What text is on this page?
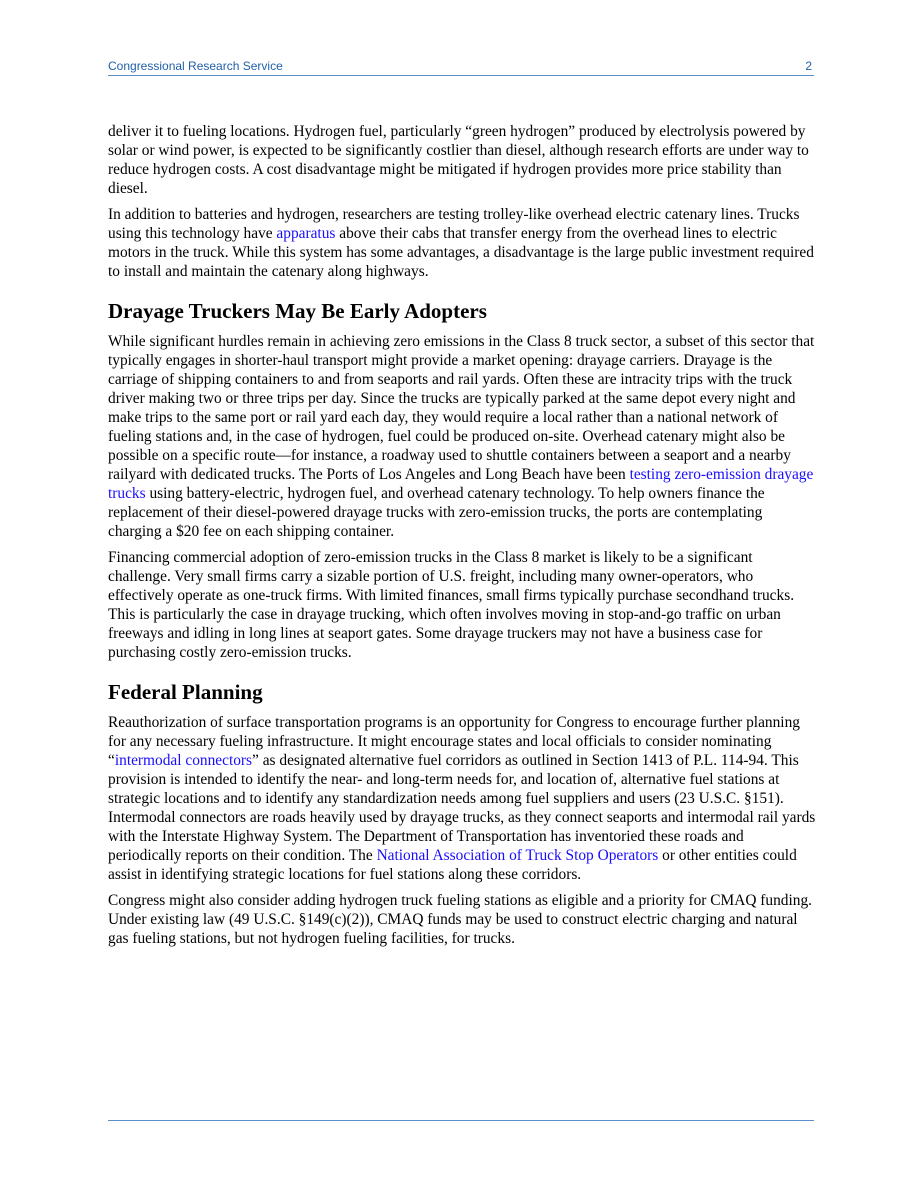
Congressional Research Service	2

deliver it to fueling locations. Hydrogen fuel, particularly “green hydrogen” produced by electrolysis powered by solar or wind power, is expected to be significantly costlier than diesel, although research efforts are under way to reduce hydrogen costs. A cost disadvantage might be mitigated if hydrogen provides more price stability than diesel.

In addition to batteries and hydrogen, researchers are testing trolley-like overhead electric catenary lines. Trucks using this technology have apparatus above their cabs that transfer energy from the overhead lines to electric motors in the truck. While this system has some advantages, a disadvantage is the large public investment required to install and maintain the catenary along highways.

Drayage Truckers May Be Early Adopters

While significant hurdles remain in achieving zero emissions in the Class 8 truck sector, a subset of this sector that typically engages in shorter-haul transport might provide a market opening: drayage carriers. Drayage is the carriage of shipping containers to and from seaports and rail yards. Often these are intracity trips with the truck driver making two or three trips per day. Since the trucks are typically parked at the same depot every night and make trips to the same port or rail yard each day, they would require a local rather than a national network of fueling stations and, in the case of hydrogen, fuel could be produced on-site. Overhead catenary might also be possible on a specific route—for instance, a roadway used to shuttle containers between a seaport and a nearby railyard with dedicated trucks. The Ports of Los Angeles and Long Beach have been testing zero-emission drayage trucks using battery-electric, hydrogen fuel, and overhead catenary technology. To help owners finance the replacement of their diesel-powered drayage trucks with zero-emission trucks, the ports are contemplating charging a $20 fee on each shipping container.

Financing commercial adoption of zero-emission trucks in the Class 8 market is likely to be a significant challenge. Very small firms carry a sizable portion of U.S. freight, including many owner-operators, who effectively operate as one-truck firms. With limited finances, small firms typically purchase secondhand trucks. This is particularly the case in drayage trucking, which often involves moving in stop-and-go traffic on urban freeways and idling in long lines at seaport gates. Some drayage truckers may not have a business case for purchasing costly zero-emission trucks.

Federal Planning

Reauthorization of surface transportation programs is an opportunity for Congress to encourage further planning for any necessary fueling infrastructure. It might encourage states and local officials to consider nominating “intermodal connectors” as designated alternative fuel corridors as outlined in Section 1413 of P.L. 114-94. This provision is intended to identify the near- and long-term needs for, and location of, alternative fuel stations at strategic locations and to identify any standardization needs among fuel suppliers and users (23 U.S.C. §151). Intermodal connectors are roads heavily used by drayage trucks, as they connect seaports and intermodal rail yards with the Interstate Highway System. The Department of Transportation has inventoried these roads and periodically reports on their condition. The National Association of Truck Stop Operators or other entities could assist in identifying strategic locations for fuel stations along these corridors.

Congress might also consider adding hydrogen truck fueling stations as eligible and a priority for CMAQ funding. Under existing law (49 U.S.C. §149(c)(2)), CMAQ funds may be used to construct electric charging and natural gas fueling stations, but not hydrogen fueling facilities, for trucks.
